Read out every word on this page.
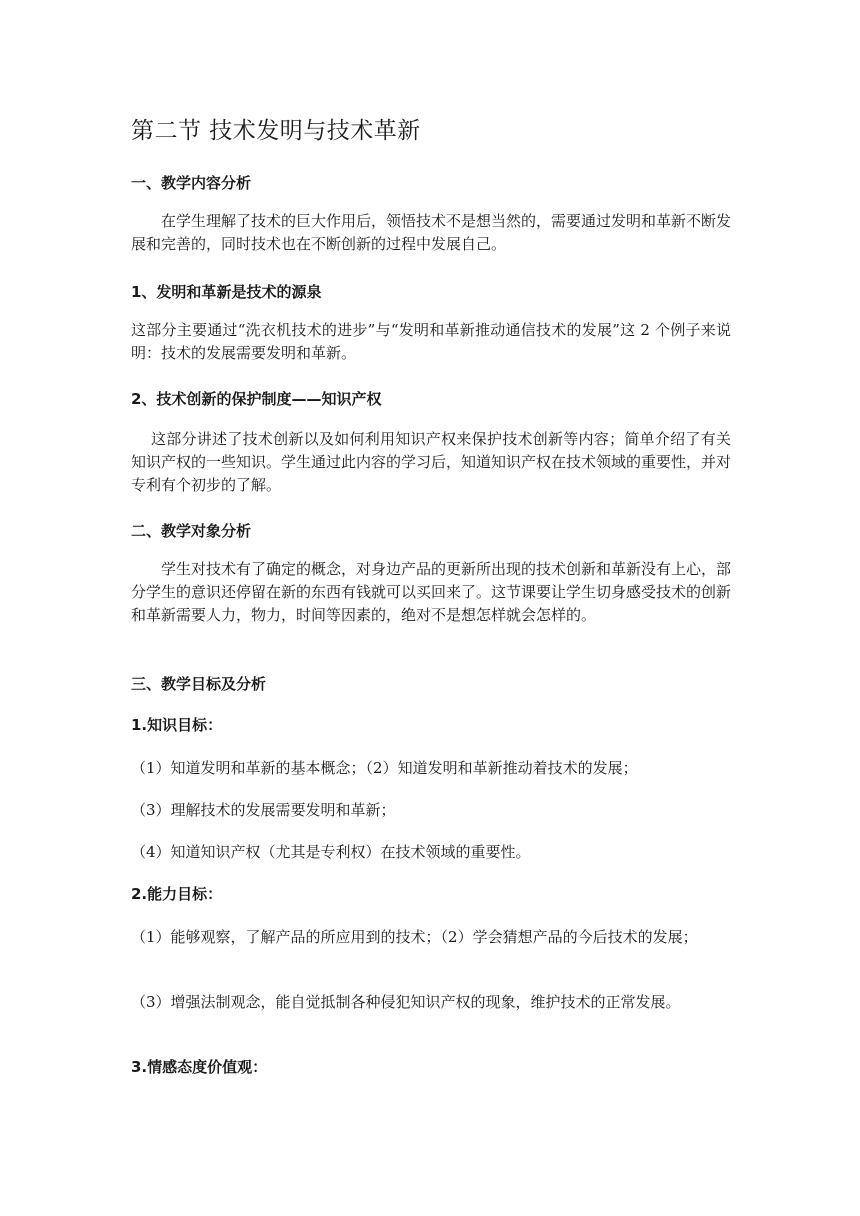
第二节 技术发明与技术革新
一、教学内容分析

在学生理解了技术的巨大作用后，领悟技术不是想当然的，需要通过发明和革新不断发展和完善的，同时技术也在不断创新的过程中发展自己。

1、发明和革新是技术的源泉

这部分主要通过“洗衣机技术的进步”与“发明和革新推动通信技术的发展”这 2 个例子来说明：技术的发展需要发明和革新。

2、技术创新的保护制度——知识产权

这部分讲述了技术创新以及如何利用知识产权来保护技术创新等内容；简单介绍了有关知识产权的一些知识。学生通过此内容的学习后，知道知识产权在技术领域的重要性，并对专利有个初步的了解。

二、教学对象分析

学生对技术有了确定的概念，对身边产品的更新所出现的技术创新和革新没有上心，部分学生的意识还停留在新的东西有钱就可以买回来了。这节课要让学生切身感受技术的创新和革新需要人力，物力，时间等因素的，绝对不是想怎样就会怎样的。

三、教学目标及分析
1.知识目标：

（1）知道发明和革新的基本概念；（2）知道发明和革新推动着技术的发展；

（3）理解技术的发展需要发明和革新；

（4）知道知识产权（尤其是专利权）在技术领域的重要性。

2.能力目标：

（1）能够观察，了解产品的所应用到的技术；（2）学会猜想产品的今后技术的发展；

（3）增强法制观念，能自觉抵制各种侵犯知识产权的现象，维护技术的正常发展。

3.情感态度价值观：
